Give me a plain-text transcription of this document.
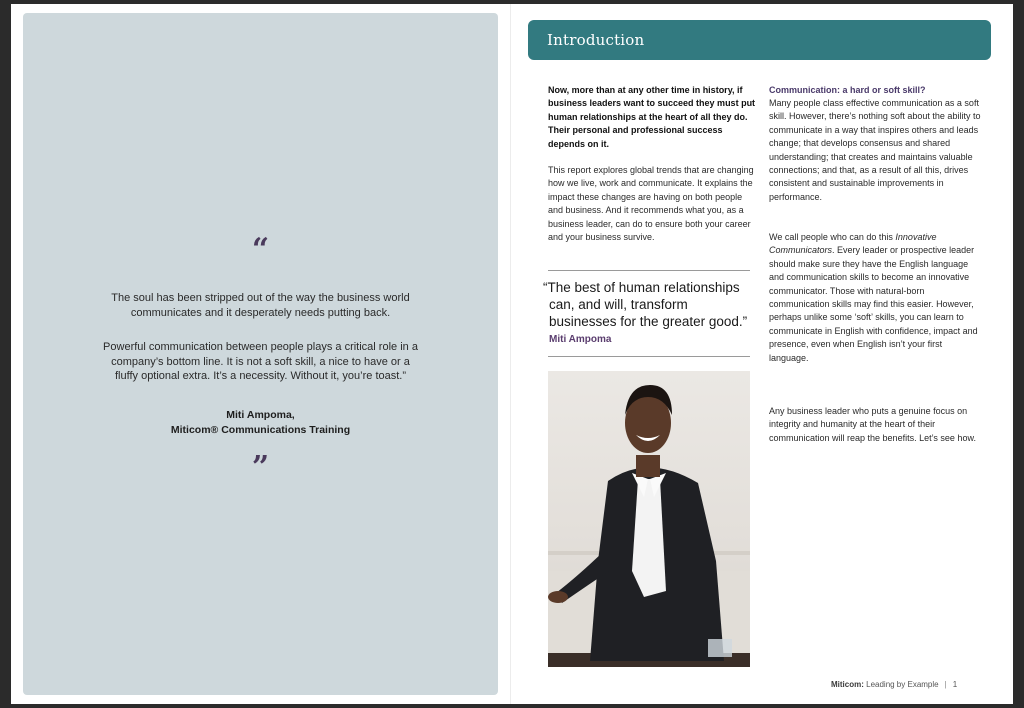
“
The soul has been stripped out of the way the business world communicates and it desperately needs putting back.
Powerful communication between people plays a critical role in a company’s bottom line. It is not a soft skill, a nice to have or a fluffy optional extra. It’s a necessity. Without it, you’re toast.”
Miti Ampoma,
Miticom® Communications Training
”
Introduction
Now, more than at any other time in history, if business leaders want to succeed they must put human relationships at the heart of all they do. Their personal and professional success depends on it.
This report explores global trends that are changing how we live, work and communicate. It explains the impact these changes are having on both people and business. And it recommends what you, as a business leader, can do to ensure both your career and your business survive.
“The best of human relationships
can, and will, transform
businesses for the greater good.”
Miti Ampoma
Communication: a hard or soft skill?
Many people class effective communication as a soft skill. However, there’s nothing soft about the ability to communicate in a way that inspires others and leads change; that develops consensus and shared understanding; that creates and maintains valuable connections; and that, as a result of all this, drives consistent and sustainable improvements in performance.
We call people who can do this Innovative Communicators. Every leader or prospective leader should make sure they have the English language and communication skills to become an innovative communicator. Those with natural-born communication skills may find this easier. However, perhaps unlike some ‘soft’ skills, you can learn to communicate in English with confidence, impact and presence, even when English isn’t your first language.
Any business leader who puts a genuine focus on integrity and humanity at the heart of their communication will reap the benefits. Let’s see how.
Miticom: Leading by Example | 1
